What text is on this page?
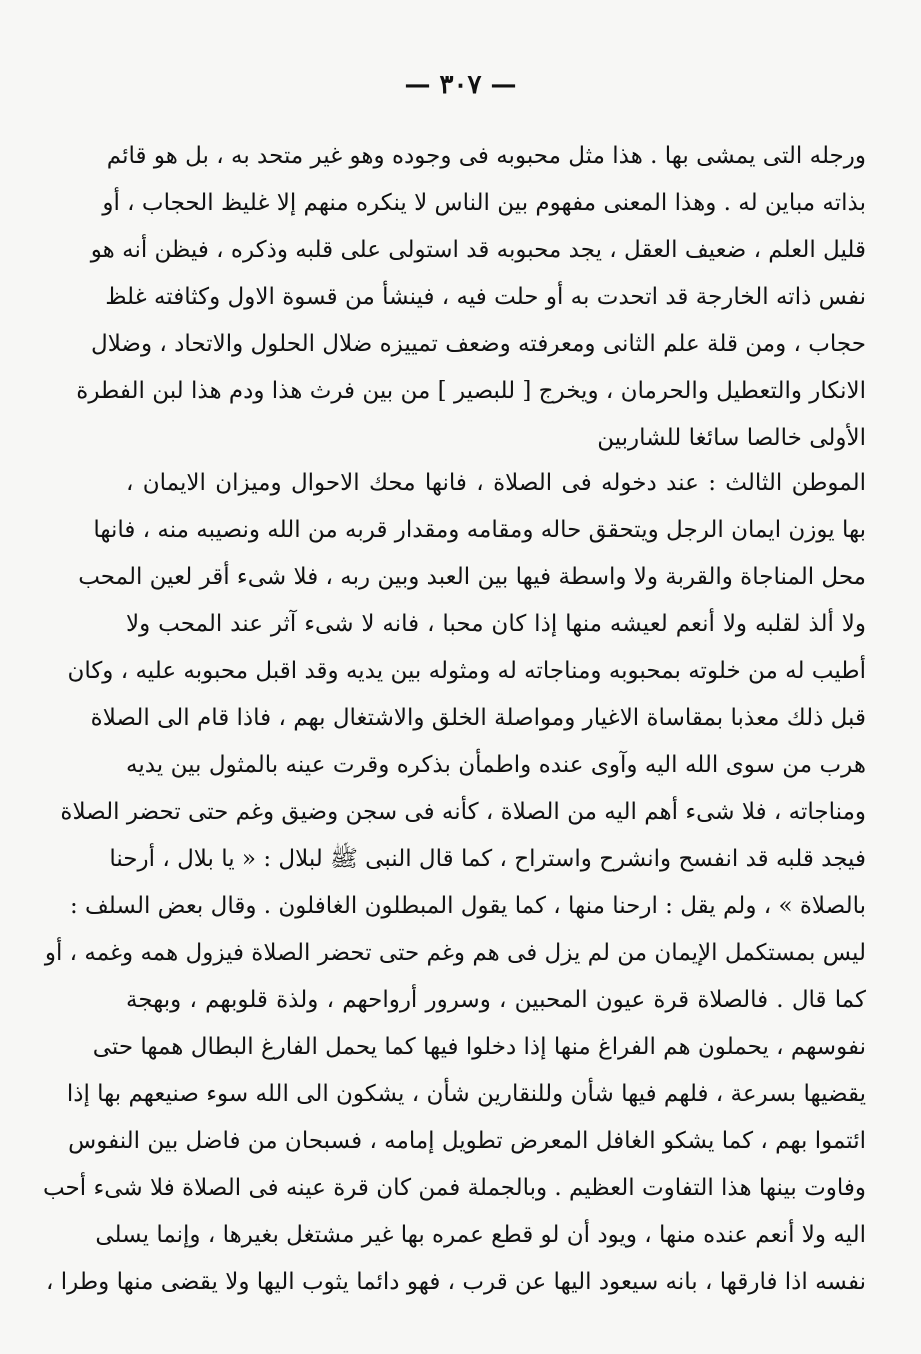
— ٣٠٧ —
ورجله التى يمشى بها . هذا مثل محبوبه فى وجوده وهو غير متحد به ، بل هو قائم
بذاته مباين له . وهذا المعنى مفهوم بين الناس لا ينكره منهم إلا غليظ الحجاب ، أو
قليل العلم ، ضعيف العقل ، يجد محبوبه قد استولى على قلبه وذكره ، فيظن أنه هو
نفس ذاته الخارجة قد اتحدت به أو حلت فيه ، فينشأ من قسوة الاول وكثافته غلظ
حجاب ، ومن قلة علم الثانى ومعرفته وضعف تمييزه ضلال الحلول والاتحاد ، وضلال
الانكار والتعطيل والحرمان ، ويخرج [ للبصير ] من بين فرث هذا ودم هذا لبن الفطرة
الأولى خالصا سائغا للشاربين
الموطن الثالث : عند دخوله فى الصلاة ، فانها محك الاحوال وميزان الايمان ،
بها يوزن ايمان الرجل ويتحقق حاله ومقامه ومقدار قربه من الله ونصيبه منه ، فانها
محل المناجاة والقربة ولا واسطة فيها بين العبد وبين ربه ، فلا شىء أقر لعين المحب
ولا ألذ لقلبه ولا أنعم لعيشه منها إذا كان محبا ، فانه لا شىء آثر عند المحب ولا
أطيب له من خلوته بمحبوبه ومناجاته له ومثوله بين يديه وقد اقبل محبوبه عليه ، وكان
قبل ذلك معذبا بمقاساة الاغيار ومواصلة الخلق والاشتغال بهم ، فاذا قام الى الصلاة
هرب من سوى الله اليه وآوى عنده واطمأن بذكره وقرت عينه بالمثول بين يديه
ومناجاته ، فلا شىء أهم اليه من الصلاة ، كأنه فى سجن وضيق وغم حتى تحضر الصلاة
فيجد قلبه قد انفسح وانشرح واستراح ، كما قال النبى ﷺ لبلال : « يا بلال ، أرحنا
بالصلاة » ، ولم يقل : ارحنا منها ، كما يقول المبطلون الغافلون . وقال بعض السلف :
ليس بمستكمل الإيمان من لم يزل فى هم وغم حتى تحضر الصلاة فيزول همه وغمه ، أو
كما قال . فالصلاة قرة عيون المحبين ، وسرور أرواحهم ، ولذة قلوبهم ، وبهجة
نفوسهم ، يحملون هم الفراغ منها إذا دخلوا فيها كما يحمل الفارغ البطال همها حتى
يقضيها بسرعة ، فلهم فيها شأن وللنقارين شأن ، يشكون الى الله سوء صنيعهم بها إذا
ائتموا بهم ، كما يشكو الغافل المعرض تطويل إمامه ، فسبحان من فاضل بين النفوس
وفاوت بينها هذا التفاوت العظيم . وبالجملة فمن كان قرة عينه فى الصلاة فلا شىء أحب
اليه ولا أنعم عنده منها ، ويود أن لو قطع عمره بها غير مشتغل بغيرها ، وإنما يسلى
نفسه اذا فارقها ، بانه سيعود اليها عن قرب ، فهو دائما يثوب اليها ولا يقضى منها وطرا ،
